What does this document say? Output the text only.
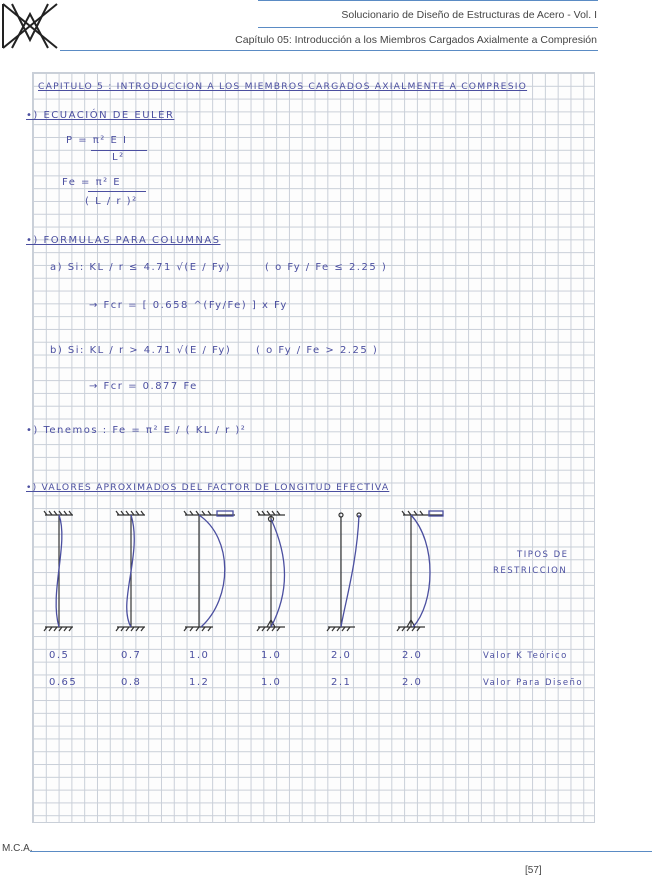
Solucionario de Diseño de Estructuras de Acero - Vol. I
Capítulo 05: Introducción a los Miembros Cargados Axialmente a Compresión
CAPITULO 5 : INTRODUCCION A LOS MIEMBROS CARGADOS AXIALMENTE A COMPRESIO
•) ECUACIÓN DE EULER
P = π² E I
L²
Fe = π² E
( L / r )²
•) FORMULAS PARA COLUMNAS
a) Si: KL / r ≤ 4.71 √(E / Fy)	( o Fy / Fe ≤ 2.25 )
→ Fcr = [ 0.658 ^(Fy/Fe) ] x Fy
b) Si: KL / r > 4.71 √(E / Fy) ( o Fy / Fe > 2.25 )
→ Fcr = 0.877 Fe
•) Tenemos : Fe = π² E / ( KL / r )²
•) VALORES APROXIMADOS DEL FACTOR DE LONGITUD EFECTIVA
TIPOS DE
RESTRICCION
0.5	0.7	1.0	1.0	2.0	2.0	Valor K Teórico
0.65	0.8	1.2	1.0	2.1	2.0	Valor Para Diseño
M.C.A.
[57]
